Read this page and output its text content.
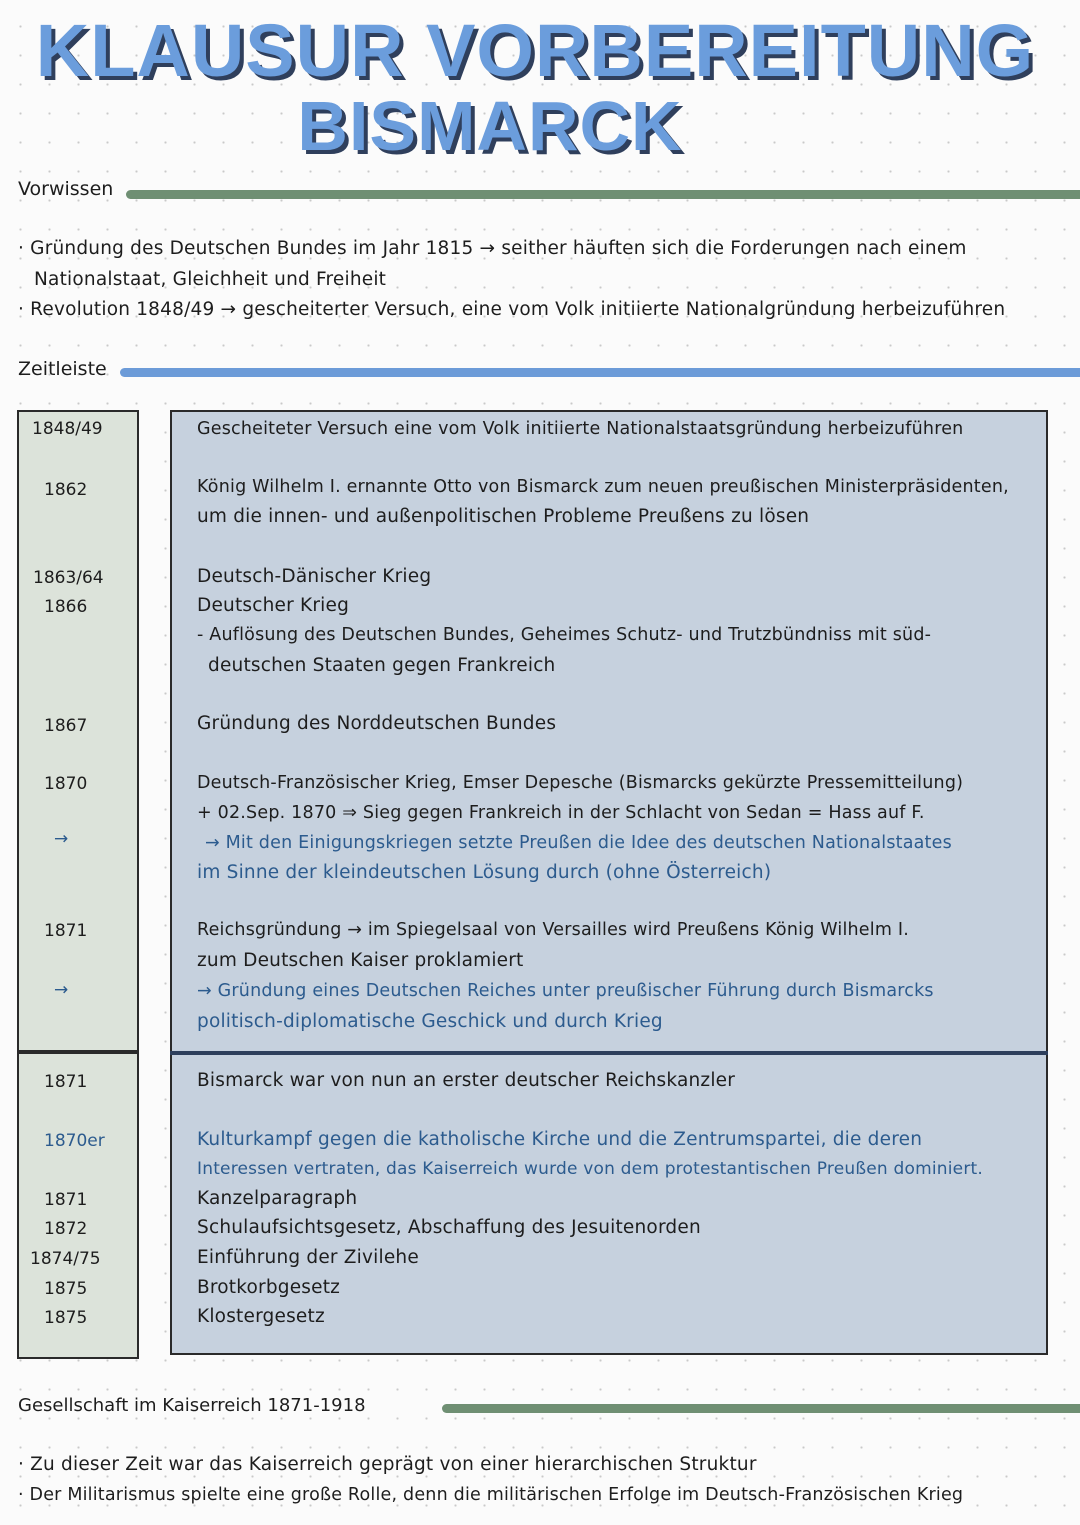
KLAUSUR VORBEREITUNG
BISMARCK
Vorwissen
· Gründung des Deutschen Bundes im Jahr 1815 → seither häuften sich die Forderungen nach einem
Nationalstaat, Gleichheit und Freiheit
· Revolution 1848/49 → gescheiterter Versuch, eine vom Volk initiierte Nationalgründung herbeizuführen
Zeitleiste
1848/49
1862
1863/64
1866
1867
1870
→
1871
→
Gescheiteter Versuch eine vom Volk initiierte Nationalstaatsgründung herbeizuführen
König Wilhelm I. ernannte Otto von Bismarck zum neuen preußischen Ministerpräsidenten,
um die innen- und außenpolitischen Probleme Preußens zu lösen
Deutsch-Dänischer Krieg
Deutscher Krieg
- Auflösung des Deutschen Bundes, Geheimes Schutz- und Trutzbündniss mit süd-
deutschen Staaten gegen Frankreich
Gründung des Norddeutschen Bundes
Deutsch-Französischer Krieg, Emser Depesche (Bismarcks gekürzte Pressemitteilung)
+ 02.Sep. 1870 ⇒ Sieg gegen Frankreich in der Schlacht von Sedan = Hass auf F.
→ Mit den Einigungskriegen setzte Preußen die Idee des deutschen Nationalstaates
im Sinne der kleindeutschen Lösung durch (ohne Österreich)
Reichsgründung → im Spiegelsaal von Versailles wird Preußens König Wilhelm I.
zum Deutschen Kaiser proklamiert
→ Gründung eines Deutschen Reiches unter preußischer Führung durch Bismarcks
politisch-diplomatische Geschick und durch Krieg
1871
1870er
1871
1872
1874/75
1875
1875
Bismarck war von nun an erster deutscher Reichskanzler
Kulturkampf gegen die katholische Kirche und die Zentrumspartei, die deren
Interessen vertraten, das Kaiserreich wurde von dem protestantischen Preußen dominiert.
Kanzelparagraph
Schulaufsichtsgesetz, Abschaffung des Jesuitenorden
Einführung der Zivilehe
Brotkorbgesetz
Klostergesetz
Gesellschaft im Kaiserreich 1871-1918
· Zu dieser Zeit war das Kaiserreich geprägt von einer hierarchischen Struktur
· Der Militarismus spielte eine große Rolle, denn die militärischen Erfolge im Deutsch-Französischen Krieg
